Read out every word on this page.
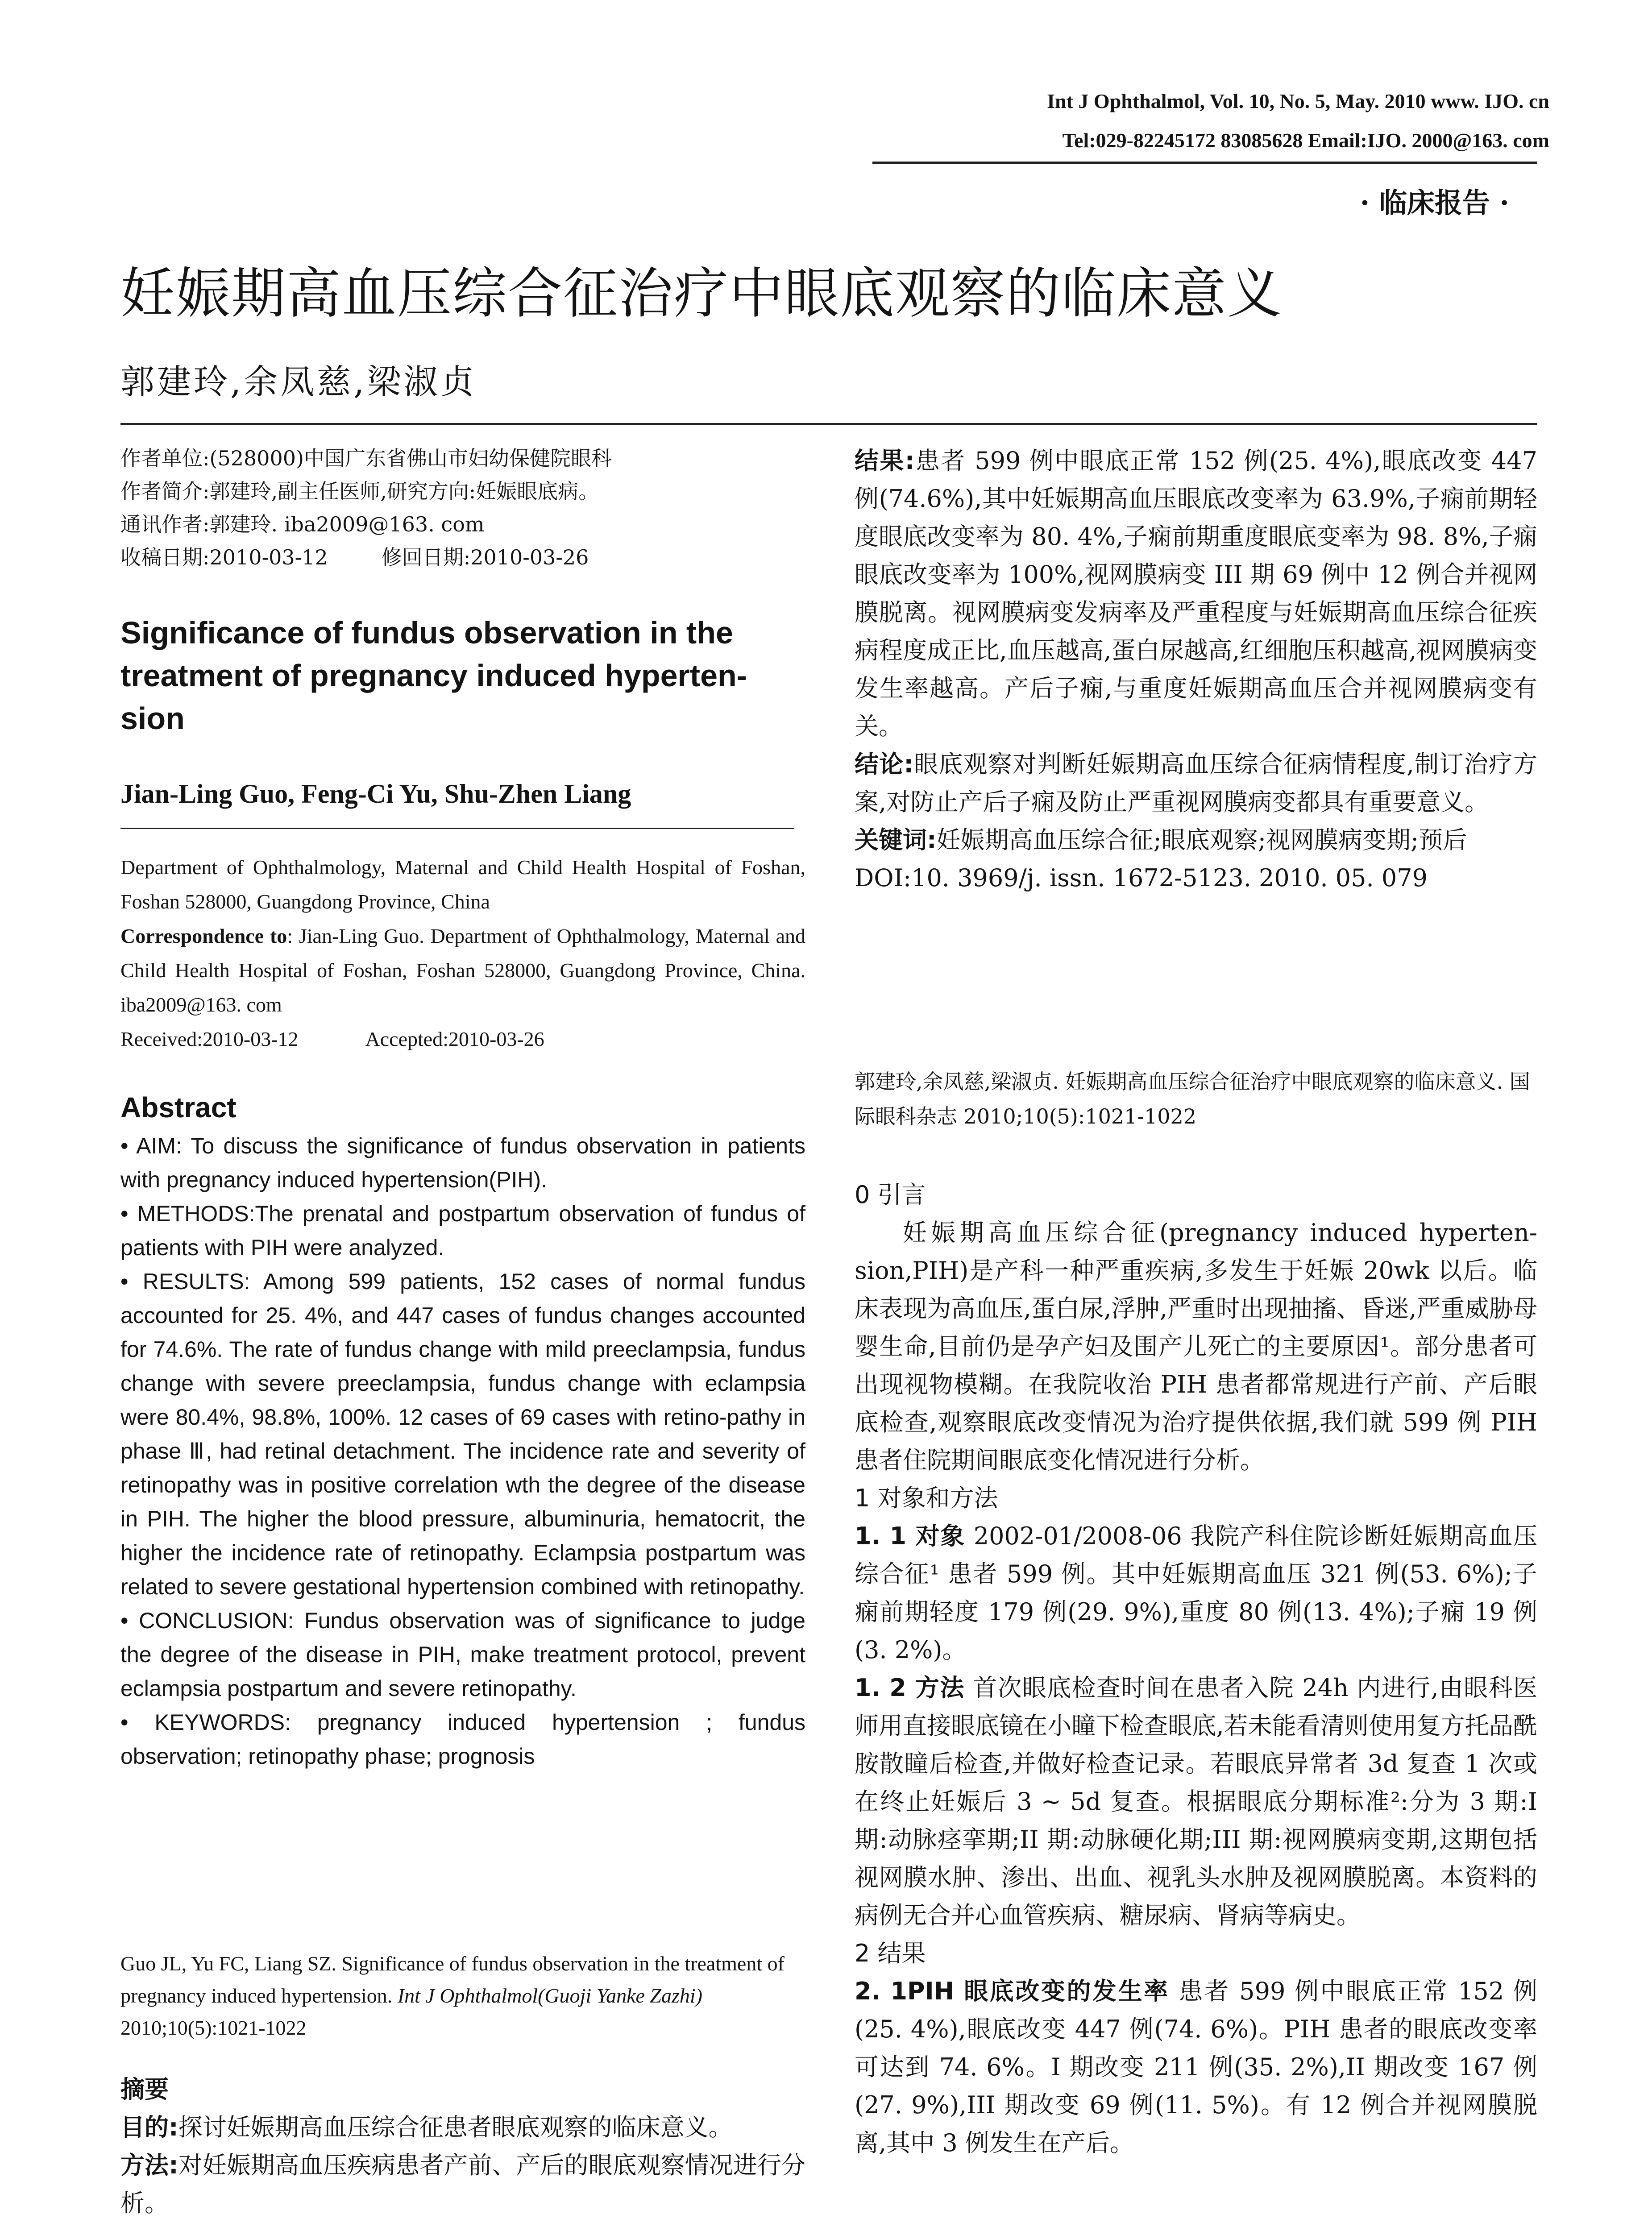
Int J Ophthalmol, Vol. 10, No. 5, May. 2010 www. IJO. cn
Tel:029-82245172 83085628 Email:IJO. 2000@163. com
· 临床报告 ·
妊娠期高血压综合征治疗中眼底观察的临床意义
郭建玲,余凤慈,梁淑贞
作者单位:(528000)中国广东省佛山市妇幼保健院眼科
作者简介:郭建玲,副主任医师,研究方向:妊娠眼底病。
通讯作者:郭建玲. iba2009@163. com
收稿日期:2010-03-12	修回日期:2010-03-26
Significance of fundus observation in the treatment of pregnancy induced hyperten-sion
Jian-Ling Guo, Feng-Ci Yu, Shu-Zhen Liang
Department of Ophthalmology, Maternal and Child Health Hospital of Foshan, Foshan 528000, Guangdong Province, China
Correspondence to: Jian-Ling Guo. Department of Ophthalmology, Maternal and Child Health Hospital of Foshan, Foshan 528000, Guangdong Province, China. iba2009@163. com
Received:2010-03-12	Accepted:2010-03-26
Abstract

• AIM: To discuss the significance of fundus observation in patients with pregnancy induced hypertension(PIH).

• METHODS:The prenatal and postpartum observation of fundus of patients with PIH were analyzed.

• RESULTS: Among 599 patients, 152 cases of normal fundus accounted for 25. 4%, and 447 cases of fundus changes accounted for 74.6%. The rate of fundus change with mild preeclampsia, fundus change with severe preeclampsia, fundus change with eclampsia were 80.4%, 98.8%, 100%. 12 cases of 69 cases with retino-pathy in phase Ⅲ, had retinal detachment. The incidence rate and severity of retinopathy was in positive correlation wth the degree of the disease in PIH. The higher the blood pressure, albuminuria, hematocrit, the higher the incidence rate of retinopathy. Eclampsia postpartum was related to severe gestational hypertension combined with retinopathy.

• CONCLUSION: Fundus observation was of significance to judge the degree of the disease in PIH, make treatment protocol, prevent eclampsia postpartum and severe retinopathy.

• KEYWORDS: pregnancy induced hypertension ; fundus observation; retinopathy phase; prognosis

Guo JL, Yu FC, Liang SZ. Significance of fundus observation in the treatment of pregnancy induced hypertension. Int J Ophthalmol(Guoji Yanke Zazhi) 2010;10(5):1021-1022
摘要

目的:探讨妊娠期高血压综合征患者眼底观察的临床意义。

方法:对妊娠期高血压疾病患者产前、产后的眼底观察情况进行分析。

结果:患者 599 例中眼底正常 152 例(25. 4%),眼底改变 447 例(74.6%),其中妊娠期高血压眼底改变率为 63.9%,子痫前期轻度眼底改变率为 80. 4%,子痫前期重度眼底变率为 98. 8%,子痫眼底改变率为 100%,视网膜病变 III 期 69 例中 12 例合并视网膜脱离。视网膜病变发病率及严重程度与妊娠期高血压综合征疾病程度成正比,血压越高,蛋白尿越高,红细胞压积越高,视网膜病变发生率越高。产后子痫,与重度妊娠期高血压合并视网膜病变有关。

结论:眼底观察对判断妊娠期高血压综合征病情程度,制订治疗方案,对防止产后子痫及防止严重视网膜病变都具有重要意义。

关键词:妊娠期高血压综合征;眼底观察;视网膜病变期;预后

DOI:10. 3969/j. issn. 1672-5123. 2010. 05. 079

郭建玲,余凤慈,梁淑贞. 妊娠期高血压综合征治疗中眼底观察的临床意义. 国际眼科杂志 2010;10(5):1021-1022
0 引言
妊娠期高血压综合征(pregnancy induced hyperten-sion,PIH)是产科一种严重疾病,多发生于妊娠 20wk 以后。临床表现为高血压,蛋白尿,浮肿,严重时出现抽搐、昏迷,严重威胁母婴生命,目前仍是孕产妇及围产儿死亡的主要原因¹。部分患者可出现视物模糊。在我院收治 PIH 患者都常规进行产前、产后眼底检查,观察眼底改变情况为治疗提供依据,我们就 599 例 PIH 患者住院期间眼底变化情况进行分析。
1 对象和方法
1. 1 对象 2002-01/2008-06 我院产科住院诊断妊娠期高血压综合征¹ 患者 599 例。其中妊娠期高血压 321 例(53. 6%);子痫前期轻度 179 例(29. 9%),重度 80 例(13. 4%);子痫 19 例(3. 2%)。
1. 2 方法 首次眼底检查时间在患者入院 24h 内进行,由眼科医师用直接眼底镜在小瞳下检查眼底,若未能看清则使用复方托品酰胺散瞳后检查,并做好检查记录。若眼底异常者 3d 复查 1 次或在终止妊娠后 3 ~ 5d 复查。根据眼底分期标准²:分为 3 期:I 期:动脉痉挛期;II 期:动脉硬化期;III 期:视网膜病变期,这期包括视网膜水肿、渗出、出血、视乳头水肿及视网膜脱离。本资料的病例无合并心血管疾病、糖尿病、肾病等病史。
2 结果
2. 1PIH 眼底改变的发生率 患者 599 例中眼底正常 152 例(25. 4%),眼底改变 447 例(74. 6%)。PIH 患者的眼底改变率可达到 74. 6%。I 期改变 211 例(35. 2%),II 期改变 167 例(27. 9%),III 期改变 69 例(11. 5%)。有 12 例合并视网膜脱离,其中 3 例发生在产后。
